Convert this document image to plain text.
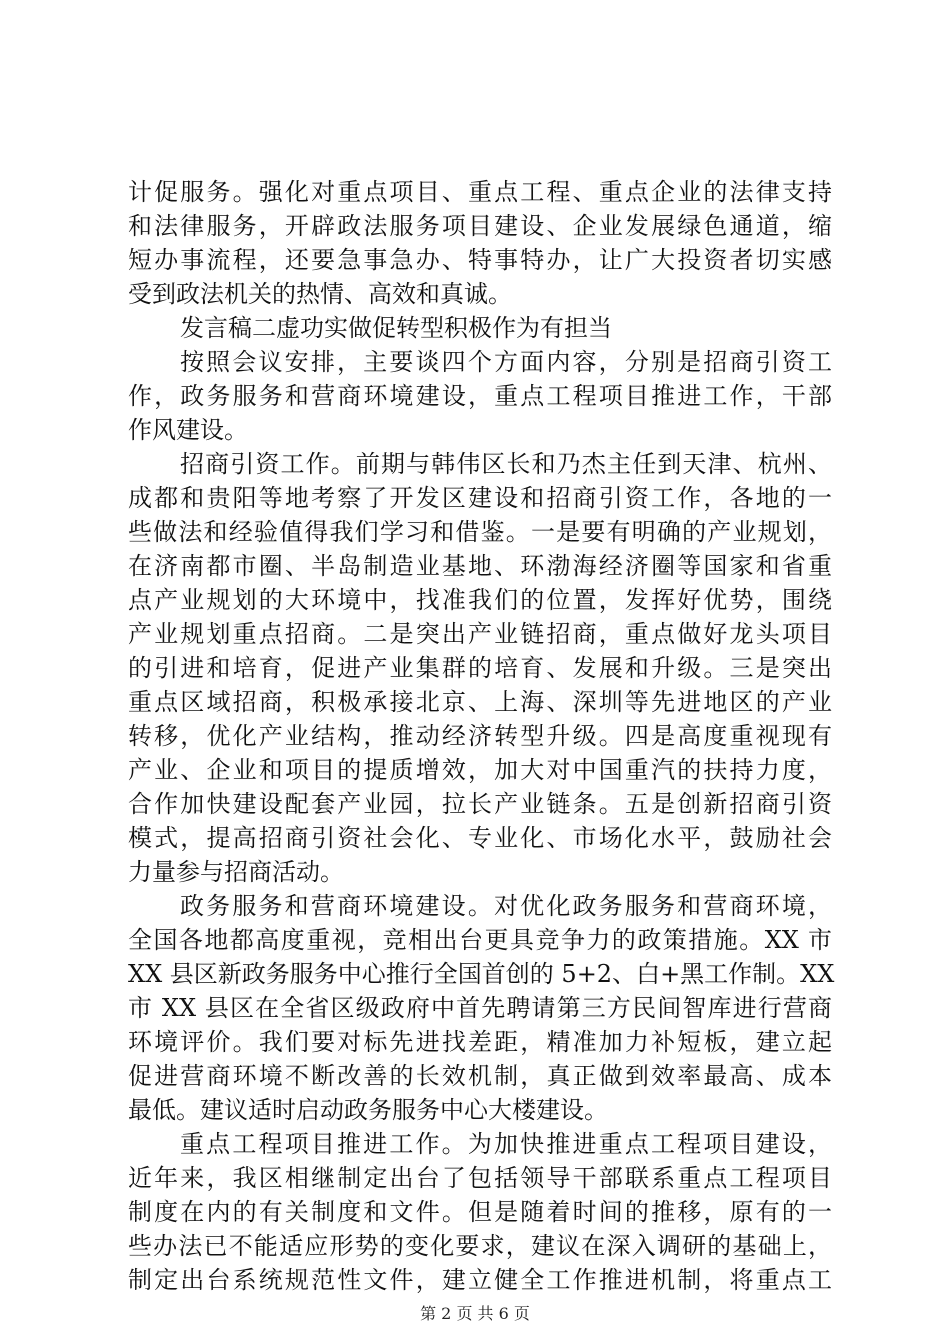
计促服务。强化对重点项目、重点工程、重点企业的法律支持
和法律服务，开辟政法服务项目建设、企业发展绿色通道，缩
短办事流程，还要急事急办、特事特办，让广大投资者切实感
受到政法机关的热情、高效和真诚。
发言稿二虚功实做促转型积极作为有担当
按照会议安排，主要谈四个方面内容，分别是招商引资工
作，政务服务和营商环境建设，重点工程项目推进工作，干部
作风建设。
招商引资工作。前期与韩伟区长和乃杰主任到天津、杭州、
成都和贵阳等地考察了开发区建设和招商引资工作，各地的一
些做法和经验值得我们学习和借鉴。一是要有明确的产业规划，
在济南都市圈、半岛制造业基地、环渤海经济圈等国家和省重
点产业规划的大环境中，找准我们的位置，发挥好优势，围绕
产业规划重点招商。二是突出产业链招商，重点做好龙头项目
的引进和培育，促进产业集群的培育、发展和升级。三是突出
重点区域招商，积极承接北京、上海、深圳等先进地区的产业
转移，优化产业结构，推动经济转型升级。四是高度重视现有
产业、企业和项目的提质增效，加大对中国重汽的扶持力度，
合作加快建设配套产业园，拉长产业链条。五是创新招商引资
模式，提高招商引资社会化、专业化、市场化水平，鼓励社会
力量参与招商活动。
政务服务和营商环境建设。对优化政务服务和营商环境，
全国各地都高度重视，竞相出台更具竞争力的政策措施。XX 市
XX 县区新政务服务中心推行全国首创的 5+2、白+黑工作制。XX
市 XX 县区在全省区级政府中首先聘请第三方民间智库进行营商
环境评价。我们要对标先进找差距，精准加力补短板，建立起
促进营商环境不断改善的长效机制，真正做到效率最高、成本
最低。建议适时启动政务服务中心大楼建设。
重点工程项目推进工作。为加快推进重点工程项目建设，
近年来，我区相继制定出台了包括领导干部联系重点工程项目
制度在内的有关制度和文件。但是随着时间的推移，原有的一
些办法已不能适应形势的变化要求，建议在深入调研的基础上，
制定出台系统规范性文件，建立健全工作推进机制，将重点工
第 2 页 共 6 页
